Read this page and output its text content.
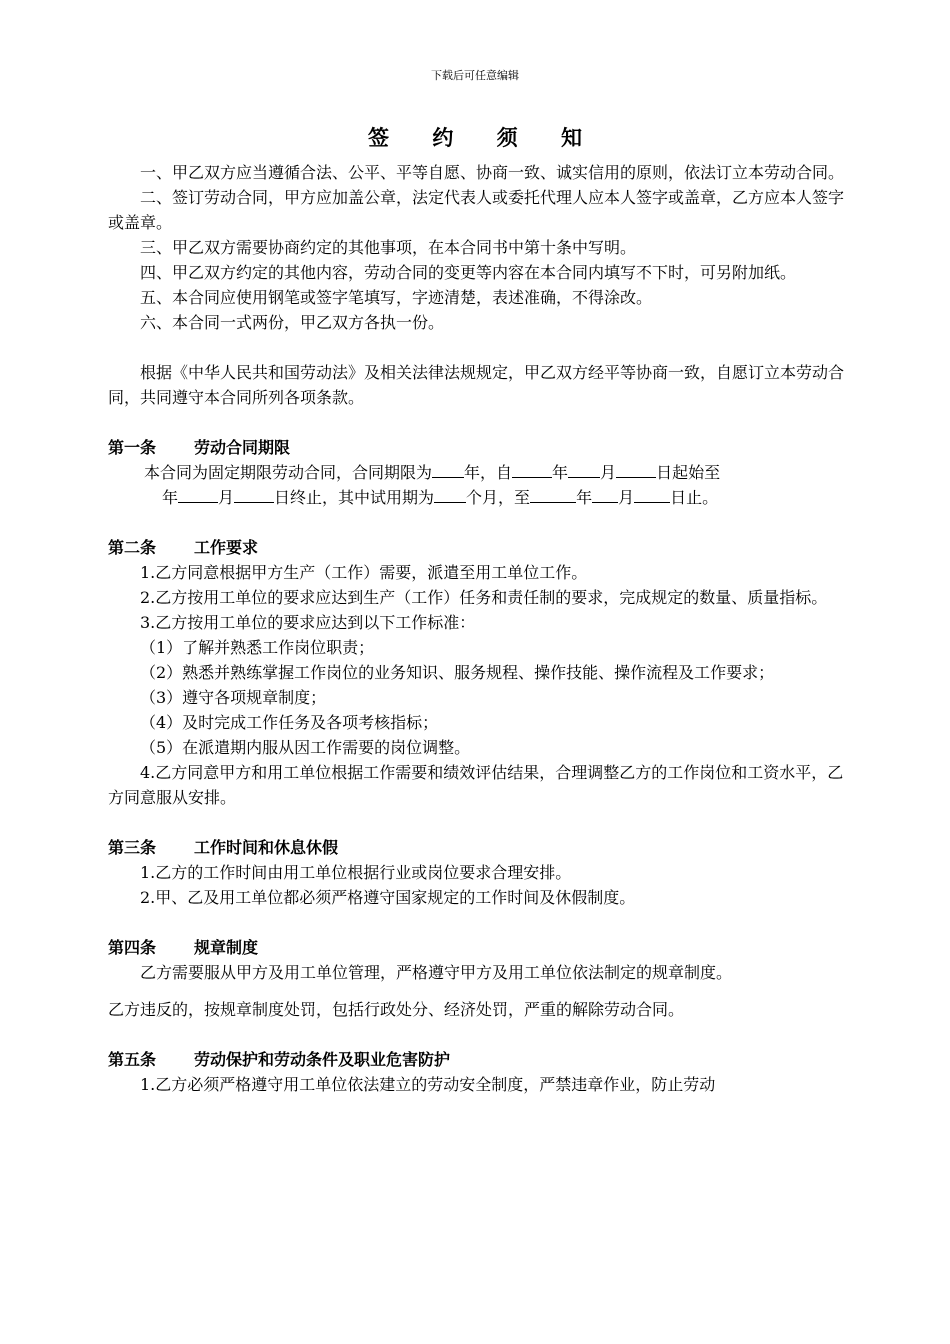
下载后可任意编辑
签 约 须 知

一、甲乙双方应当遵循合法、公平、平等自愿、协商一致、诚实信用的原则，依法订立本劳动合同。

二、签订劳动合同，甲方应加盖公章，法定代表人或委托代理人应本人签字或盖章，乙方应本人签字或盖章。

三、甲乙双方需要协商约定的其他事项，在本合同书中第十条中写明。

四、甲乙双方约定的其他内容，劳动合同的变更等内容在本合同内填写不下时，可另附加纸。

五、本合同应使用钢笔或签字笔填写，字迹清楚，表述准确，不得涂改。

六、本合同一式两份，甲乙双方各执一份。

根据《中华人民共和国劳动法》及相关法律法规规定，甲乙双方经平等协商一致，自愿订立本劳动合同，共同遵守本合同所列各项条款。

第一条 劳动合同期限

本合同为固定期限劳动合同，合同期限为 年，自	年 月	日起始至

年	月	日终止，其中试用期为 个月，至	年 月 日止。

第二条 工作要求

1.乙方同意根据甲方生产（工作）需要，派遣至用工单位工作。

2.乙方按用工单位的要求应达到生产（工作）任务和责任制的要求，完成规定的数量、质量指标。

3.乙方按用工单位的要求应达到以下工作标准：

（1）了解并熟悉工作岗位职责；

（2）熟悉并熟练掌握工作岗位的业务知识、服务规程、操作技能、操作流程及工作要求；

（3）遵守各项规章制度；

（4）及时完成工作任务及各项考核指标；

（5）在派遣期内服从因工作需要的岗位调整。

4.乙方同意甲方和用工单位根据工作需要和绩效评估结果，合理调整乙方的工作岗位和工资水平，乙方同意服从安排。

第三条 工作时间和休息休假

1.乙方的工作时间由用工单位根据行业或岗位要求合理安排。

2.甲、乙及用工单位都必须严格遵守国家规定的工作时间及休假制度。

第四条 规章制度

乙方需要服从甲方及用工单位管理，严格遵守甲方及用工单位依法制定的规章制度。

乙方违反的，按规章制度处罚，包括行政处分、经济处罚，严重的解除劳动合同。

第五条 劳动保护和劳动条件及职业危害防护

1.乙方必须严格遵守用工单位依法建立的劳动安全制度，严禁违章作业，防止劳动
